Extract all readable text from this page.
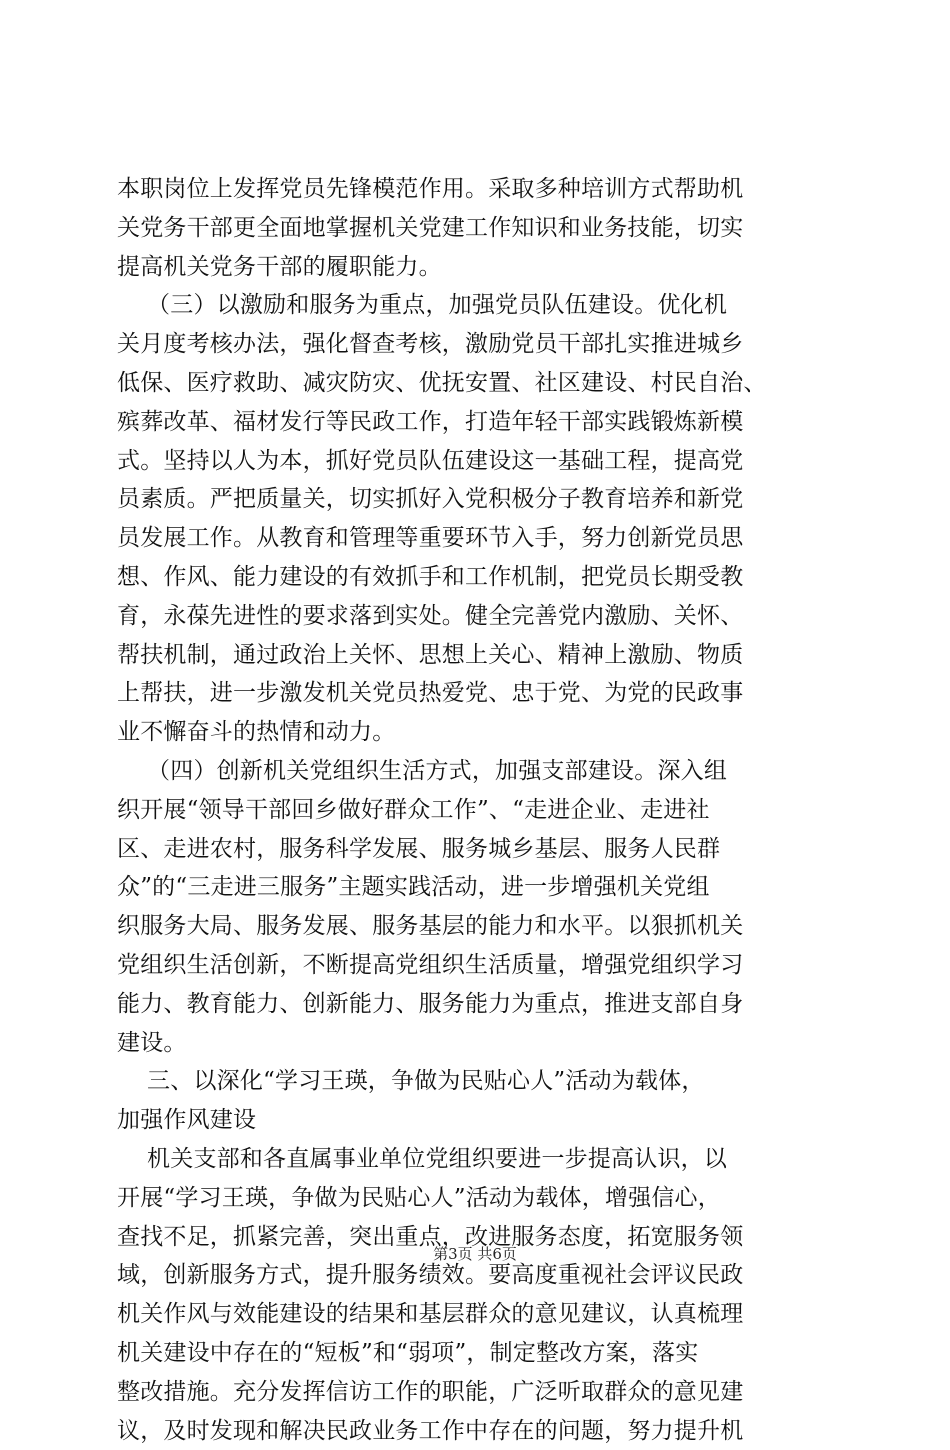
本职岗位上发挥党员先锋模范作用。采取多种培训方式帮助机
关党务干部更全面地掌握机关党建工作知识和业务技能，切实
提高机关党务干部的履职能力。
（三）以激励和服务为重点，加强党员队伍建设。优化机
关月度考核办法，强化督查考核，激励党员干部扎实推进城乡
低保、医疗救助、减灾防灾、优抚安置、社区建设、村民自治、
殡葬改革、福材发行等民政工作，打造年轻干部实践锻炼新模
式。坚持以人为本，抓好党员队伍建设这一基础工程，提高党
员素质。严把质量关，切实抓好入党积极分子教育培养和新党
员发展工作。从教育和管理等重要环节入手，努力创新党员思
想、作风、能力建设的有效抓手和工作机制，把党员长期受教
育，永葆先进性的要求落到实处。健全完善党内激励、关怀、
帮扶机制，通过政治上关怀、思想上关心、精神上激励、物质
上帮扶，进一步激发机关党员热爱党、忠于党、为党的民政事
业不懈奋斗的热情和动力。
（四）创新机关党组织生活方式，加强支部建设。深入组
织开展“领导干部回乡做好群众工作”、“走进企业、走进社
区、走进农村，服务科学发展、服务城乡基层、服务人民群
众”的“三走进三服务”主题实践活动，进一步增强机关党组
织服务大局、服务发展、服务基层的能力和水平。以狠抓机关
党组织生活创新，不断提高党组织生活质量，增强党组织学习
能力、教育能力、创新能力、服务能力为重点，推进支部自身
建设。
三、以深化“学习王瑛，争做为民贴心人”活动为载体，
加强作风建设
机关支部和各直属事业单位党组织要进一步提高认识，以
开展“学习王瑛，争做为民贴心人”活动为载体，增强信心，
查找不足，抓紧完善，突出重点，改进服务态度，拓宽服务领
域，创新服务方式，提升服务绩效。要高度重视社会评议民政
机关作风与效能建设的结果和基层群众的意见建议，认真梳理
机关建设中存在的“短板”和“弱项”，制定整改方案，落实
整改措施。充分发挥信访工作的职能，广泛听取群众的意见建
议，及时发现和解决民政业务工作中存在的问题，努力提升机
第3页 共6页
